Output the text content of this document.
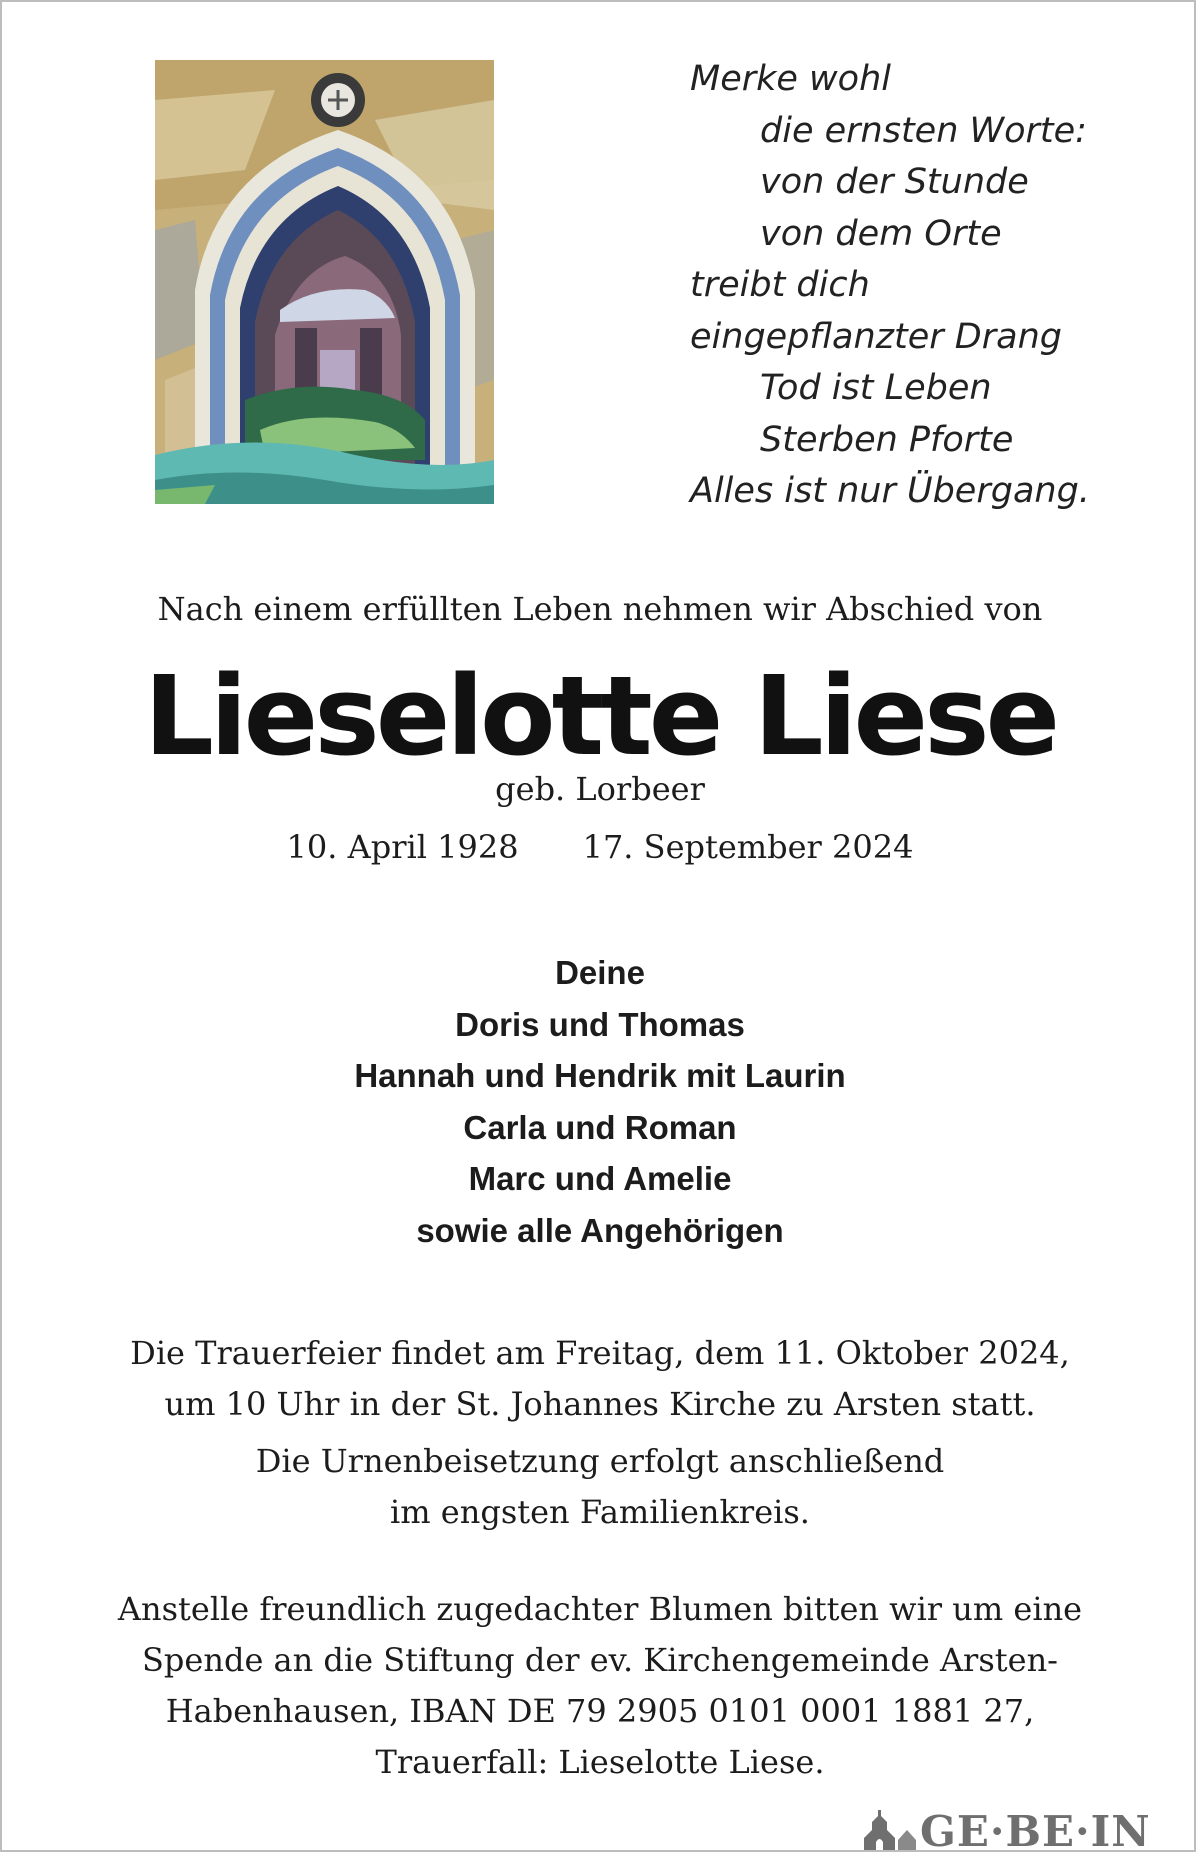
Merke wohl
die ernsten Worte:
von der Stunde
von dem Orte
treibt dich
eingepflanzter Drang
Tod ist Leben
Sterben Pforte
Alles ist nur Übergang.
Nach einem erfüllten Leben nehmen wir Abschied von
Lieselotte Liese
geb. Lorbeer
10. April 1928 17. September 2024
Deine
Doris und Thomas
Hannah und Hendrik mit Laurin
Carla und Roman
Marc und Amelie
sowie alle Angehörigen
Die Trauerfeier findet am Freitag, dem 11. Oktober 2024,
um 10 Uhr in der St. Johannes Kirche zu Arsten statt.
Die Urnenbeisetzung erfolgt anschließend
im engsten Familienkreis.
Anstelle freundlich zugedachter Blumen bitten wir um eine
Spende an die Stiftung der ev. Kirchengemeinde Arsten-
Habenhausen, IBAN DE 79 2905 0101 0001 1881 27,
Trauerfall: Lieselotte Liese.
GE·BE·IN
